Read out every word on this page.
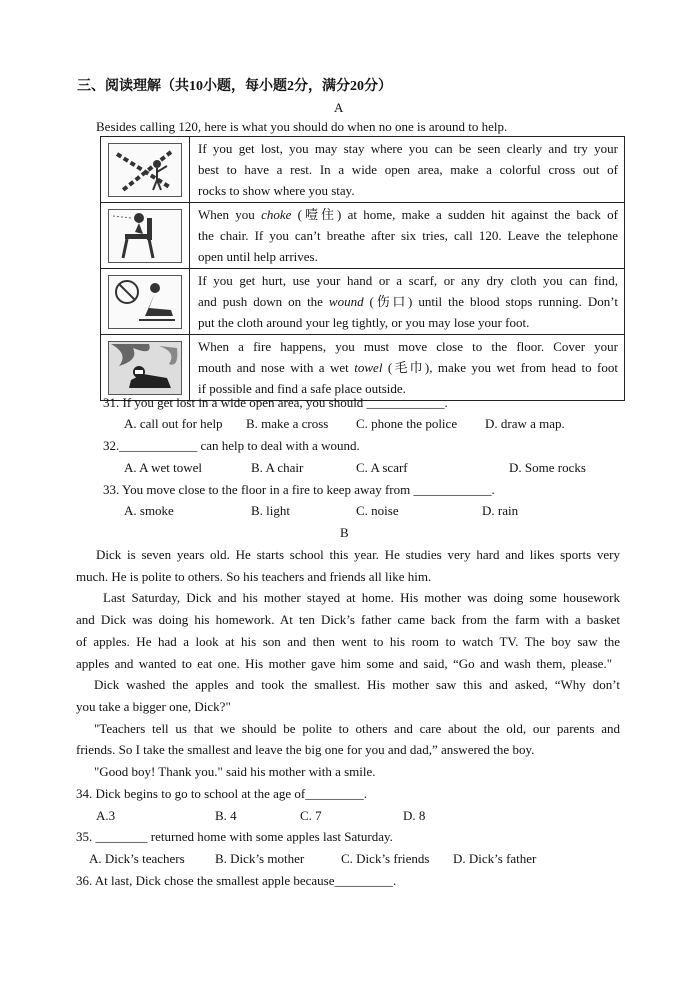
三、阅读理解（共10小题，每小题2分，满分20分）
A
Besides calling 120, here is what you should do when no one is around to help.

If you get lost, you may stay where you can be seen clearly and try your
best to have a rest. In a wide open area, make a colorful cross out of
rocks to show where you stay.

When you choke (噎住) at home, make a sudden hit against the back of
the chair. If you can’t breathe after six tries, call 120. Leave the telephone
open until help arrives.

If you get hurt, use your hand or a scarf, or any dry cloth you can find,
and push down on the wound (伤口) until the blood stops running. Don’t
put the cloth around your leg tightly, or you may lose your foot.

When a fire happens, you must move close to the floor. Cover your
mouth and nose with a wet towel (毛巾), make you wet from head to foot
if possible and find a safe place outside.
31. If you get lost in a wide open area, you should ____________.
A. call out for help B. make a cross C. phone the police D. draw a map.
32.____________ can help to deal with a wound.
A. A wet towel	B. A chair	C. A scarf	D. Some rocks
33. You move close to the floor in a fire to keep away from ____________.
A. smoke	B. light	C. noise	D. rain
B
Dick is seven years old. He starts school this year. He studies very hard and likes sports very
much. He is polite to others. So his teachers and friends all like him.
Last Saturday, Dick and his mother stayed at home. His mother was doing some housework
and Dick was doing his homework. At ten Dick’s father came back from the farm with a basket
of apples. He had a look at his son and then went to his room to watch TV. The boy saw the
apples and wanted to eat one. His mother gave him some and said, “Go and wash them, please."
Dick washed the apples and took the smallest. His mother saw this and asked, “Why don’t
you take a bigger one, Dick?"
"Teachers tell us that we should be polite to others and care about the old, our parents and
friends. So I take the smallest and leave the big one for you and dad,” answered the boy.
"Good boy! Thank you." said his mother with a smile.
34. Dick begins to go to school at the age of_________.
A.3	B. 4	C. 7	D. 8
35. ________ returned home with some apples last Saturday.
A. Dick’s teachers B. Dick’s mother	C. Dick’s friends D. Dick’s father
36. At last, Dick chose the smallest apple because_________.
